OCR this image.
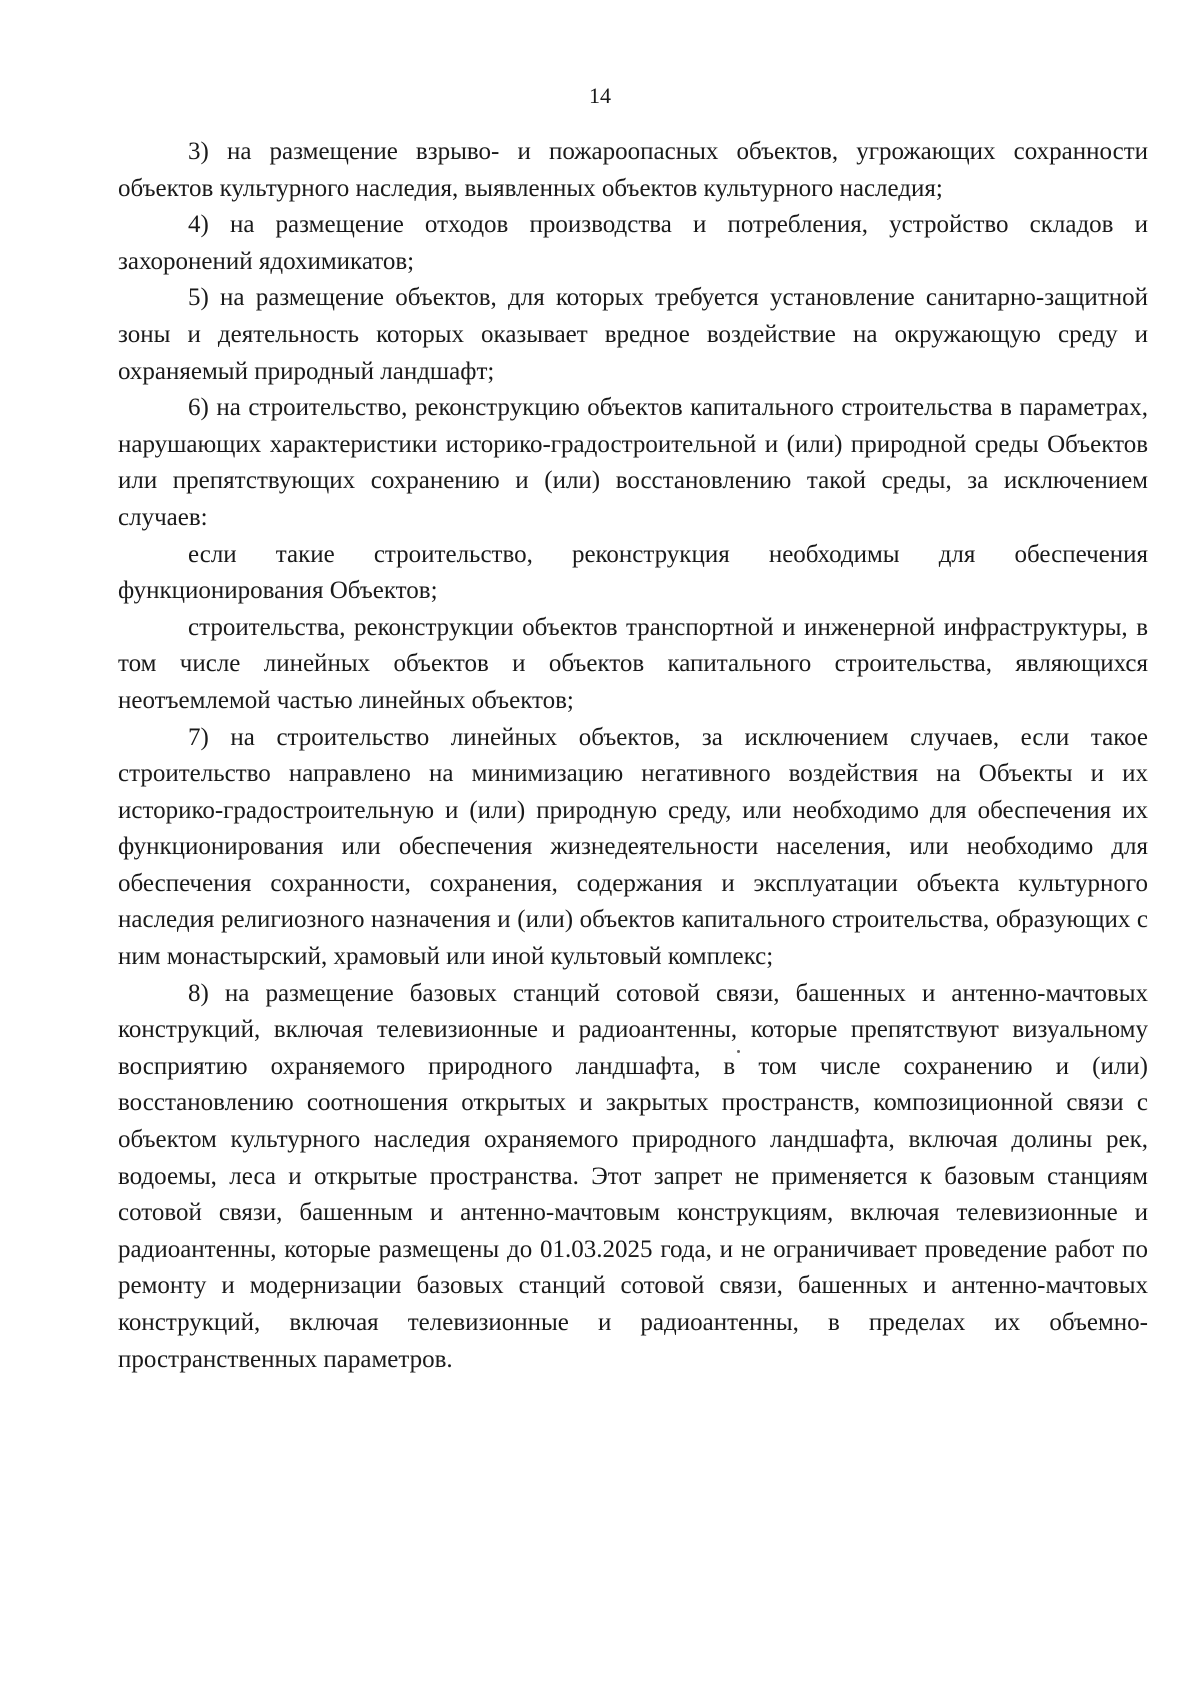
14

3) на размещение взрыво- и пожароопасных объектов, угрожающих сохранности объектов культурного наследия, выявленных объектов культурного наследия;

4) на размещение отходов производства и потребления, устройство складов и захоронений ядохимикатов;

5) на размещение объектов, для которых требуется установление санитарно-защитной зоны и деятельность которых оказывает вредное воздействие на окружающую среду и охраняемый природный ландшафт;

6) на строительство, реконструкцию объектов капитального строительства в параметрах, нарушающих характеристики историко-градостроительной и (или) природной среды Объектов или препятствующих сохранению и (или) восстановлению такой среды, за исключением случаев:

если такие строительство, реконструкция необходимы для обеспечения функционирования Объектов;

строительства, реконструкции объектов транспортной и инженерной инфраструктуры, в том числе линейных объектов и объектов капитального строительства, являющихся неотъемлемой частью линейных объектов;

7) на строительство линейных объектов, за исключением случаев, если такое строительство направлено на минимизацию негативного воздействия на Объекты и их историко-градостроительную и (или) природную среду, или необходимо для обеспечения их функционирования или обеспечения жизнедеятельности населения, или необходимо для обеспечения сохранности, сохранения, содержания и эксплуатации объекта культурного наследия религиозного назначения и (или) объектов капитального строительства, образующих с ним монастырский, храмовый или иной культовый комплекс;

8) на размещение базовых станций сотовой связи, башенных и антенно-мачтовых конструкций, включая телевизионные и радиоантенны, которые препятствуют визуальному восприятию охраняемого природного ландшафта, в том числе сохранению и (или) восстановлению соотношения открытых и закрытых пространств, композиционной связи с объектом культурного наследия охраняемого природного ландшафта, включая долины рек, водоемы, леса и открытые пространства. Этот запрет не применяется к базовым станциям сотовой связи, башенным и антенно-мачтовым конструкциям, включая телевизионные и радиоантенны, которые размещены до 01.03.2025 года, и не ограничивает проведение работ по ремонту и модернизации базовых станций сотовой связи, башенных и антенно-мачтовых конструкций, включая телевизионные и радиоантенны, в пределах их объемно-пространственных параметров.
